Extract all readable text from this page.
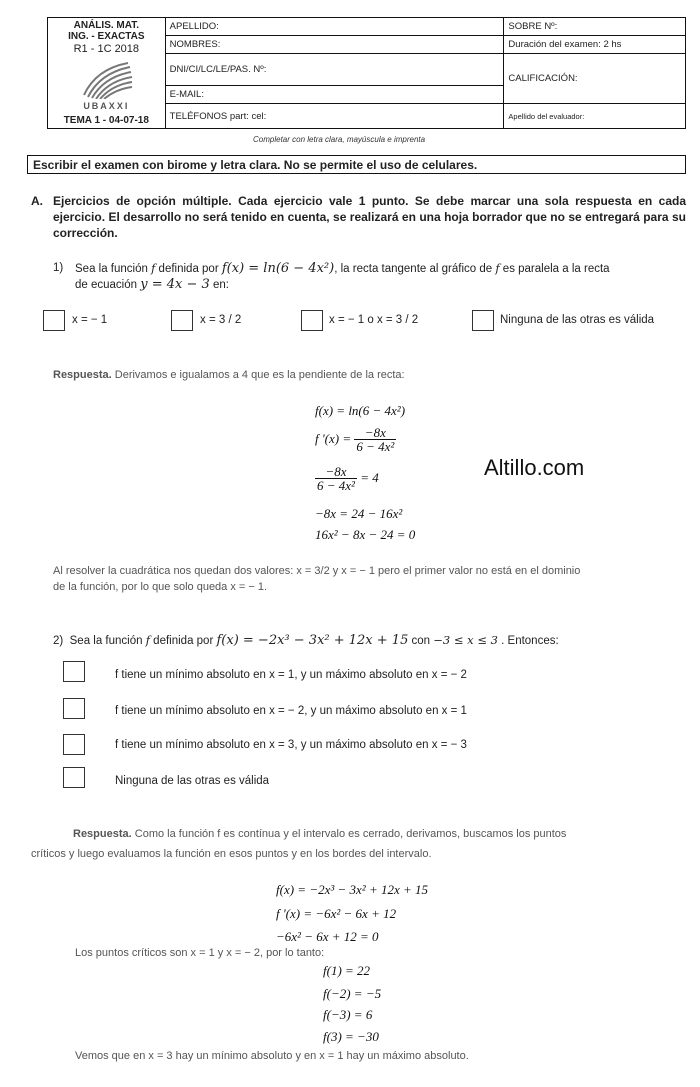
ANÁLIS. MAT.
ING. - EXACTAS
R1 - 1C 2018
UBAXXI
TEMA 1 - 04-07-18	APELLIDO:	SOBRE Nº:
	NOMBRES:	Duración del examen: 2 hs
	DNI/CI/LC/LE/PAS. Nº:	CALIFICACIÓN:
	E-MAIL:	
	TELÉFONOS part: cel:	Apellido del evaluador:
Completar con letra clara, mayúscula e imprenta
Escribir el examen con birome y letra clara. No se permite el uso de celulares.
A. Ejercicios de opción múltiple. Cada ejercicio vale 1 punto. Se debe marcar una sola respuesta en cada ejercicio. El desarrollo no será tenido en cuenta, se realizará en una hoja borrador que no se entregará para su corrección.
1) Sea la función f definida por f(x) = ln(6 − 4x²), la recta tangente al gráfico de f es paralela a la recta
de ecuación y = 4x − 3 en:
x = − 1	x = 3 / 2	x = − 1 o x = 3 / 2	Ninguna de las otras es válida
Respuesta. Derivamos e igualamos a 4 que es la pendiente de la recta:
f(x) = ln(6 − 4x²)
f '$(x) = \frac{-8x}{\text{6 − 4x²}}$
$\frac{-8x}{\text{6 − 4x²}} = 4$
−8x = 24 − 16x²
16x² − 8x − 24 = 0
Altillo.com
Al resolver la cuadrática nos quedan dos valores: x = 3/2 y x = − 1 pero el primer valor no está en el dominio
de la función, por lo que solo queda x = − 1.
2) Sea la función f definida por f(x) = −2x³ − 3x² + 12x + 15 con −3 ≤ x ≤ 3 . Entonces:
f tiene un mínimo absoluto en x = 1, y un máximo absoluto en x = − 2
f tiene un mínimo absoluto en x = − 2, y un máximo absoluto en x = 1
f tiene un mínimo absoluto en x = 3, y un máximo absoluto en x = − 3
Ninguna de las otras es válida
Respuesta. Como la función f es contínua y el intervalo es cerrado, derivamos, buscamos los puntos
críticos y luego evaluamos la función en esos puntos y en los bordes del intervalo.
f(x) = −2x³ − 3x² + 12x + 15
f '(x) = −6x² − 6x + 12
−6x² − 6x + 12 = 0
Los puntos críticos son x = 1 y x = − 2, por lo tanto:
f(1) = 22
f(−2) = −5
f(−3) = 6
f(3) = −30
Vemos que en x = 3 hay un mínimo absoluto y en x = 1 hay un máximo absoluto.
